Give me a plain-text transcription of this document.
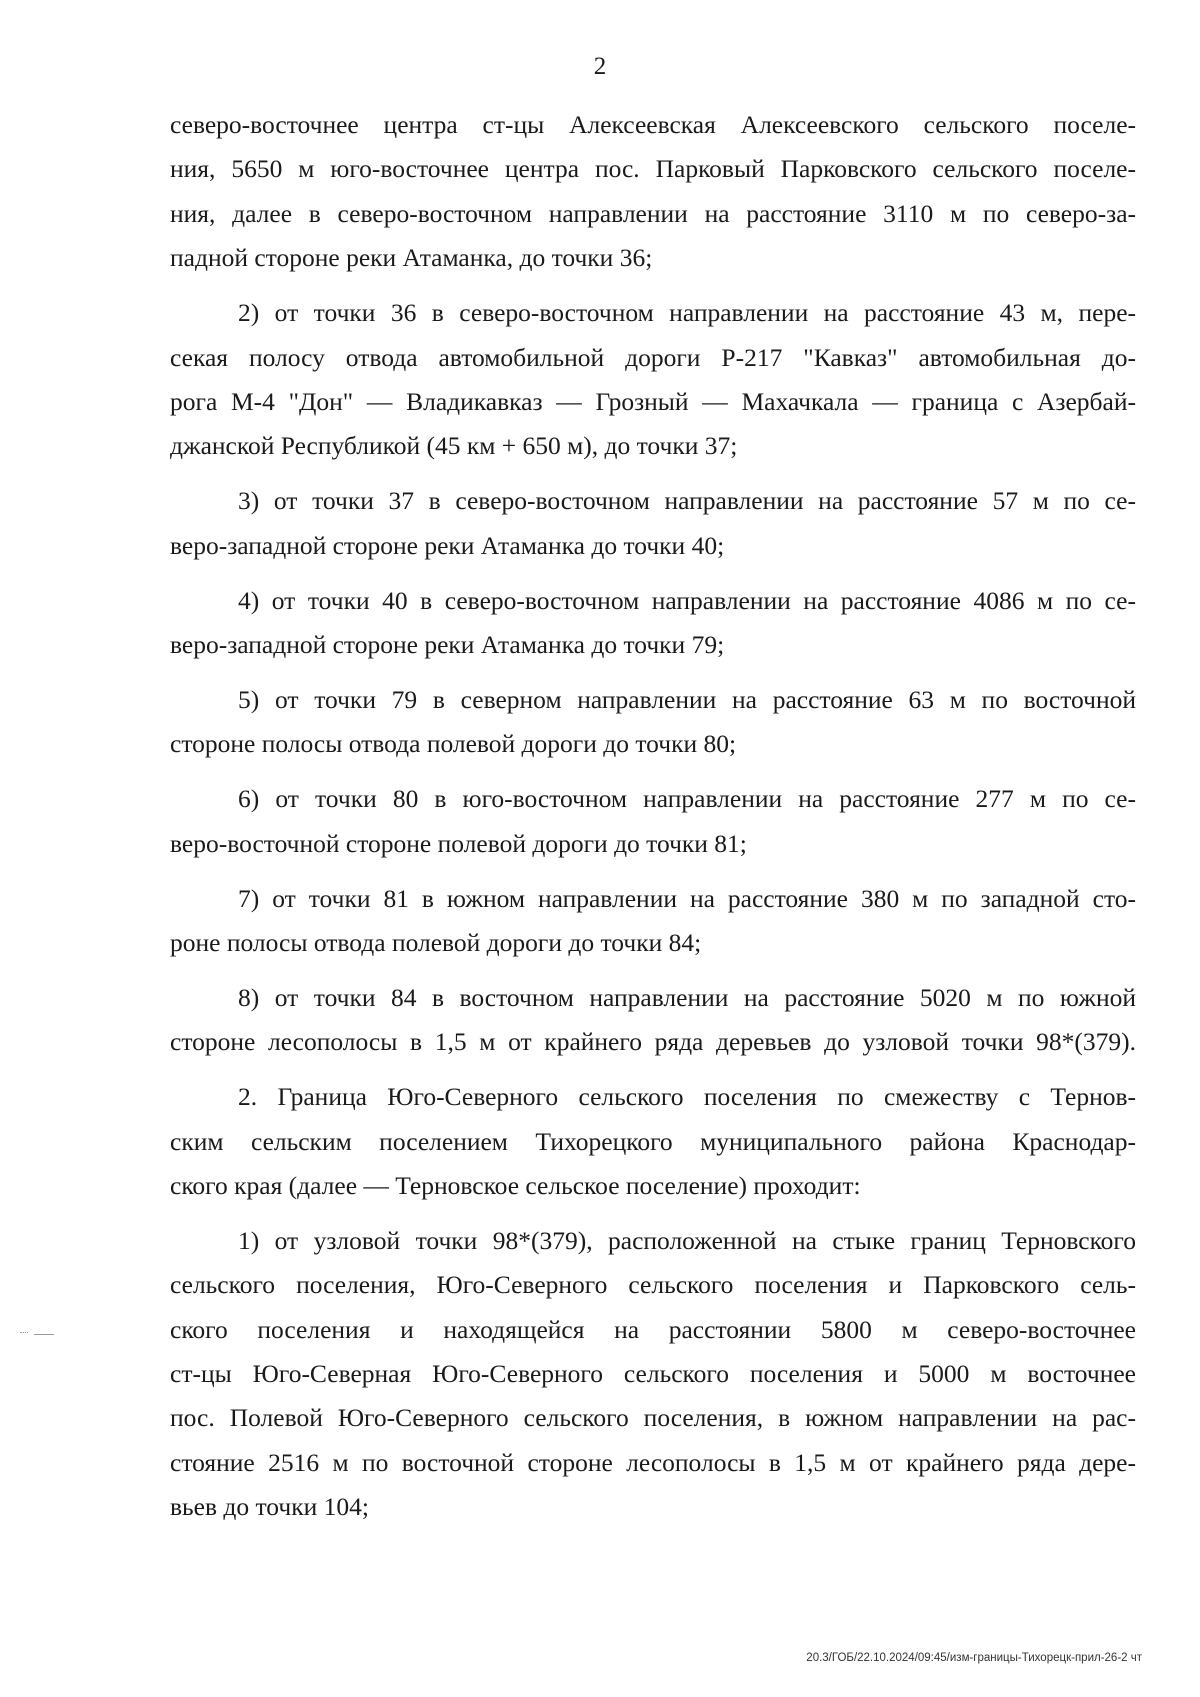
2
северо-восточнее центра ст-цы Алексеевская Алексеевского сельского поселе-
ния, 5650 м юго-восточнее центра пос. Парковый Парковского сельского поселе-
ния, далее в северо-восточном направлении на расстояние 3110 м по северо-за-
падной стороне реки Атаманка, до точки 36;
2) от точки 36 в северо-восточном направлении на расстояние 43 м, пере-
секая полосу отвода автомобильной дороги Р-217 "Кавказ" автомобильная до-
рога М-4 "Дон" — Владикавказ — Грозный — Махачкала — граница с Азербай-
джанской Республикой (45 км + 650 м), до точки 37;
3) от точки 37 в северо-восточном направлении на расстояние 57 м по се-
веро-западной стороне реки Атаманка до точки 40;
4) от точки 40 в северо-восточном направлении на расстояние 4086 м по се-
веро-западной стороне реки Атаманка до точки 79;
5) от точки 79 в северном направлении на расстояние 63 м по восточной
стороне полосы отвода полевой дороги до точки 80;
6) от точки 80 в юго-восточном направлении на расстояние 277 м по се-
веро-восточной стороне полевой дороги до точки 81;
7) от точки 81 в южном направлении на расстояние 380 м по западной сто-
роне полосы отвода полевой дороги до точки 84;
8) от точки 84 в восточном направлении на расстояние 5020 м по южной
стороне лесополосы в 1,5 м от крайнего ряда деревьев до узловой точки 98*(379).
2. Граница Юго-Северного сельского поселения по смежеству с Тернов-
ским сельским поселением Тихорецкого муниципального района Краснодар-
ского края (далее — Терновское сельское поселение) проходит:
1) от узловой точки 98*(379), расположенной на стыке границ Терновского
сельского поселения, Юго-Северного сельского поселения и Парковского сель-
ского поселения и находящейся на расстоянии 5800 м северо-восточнее
ст-цы Юго-Северная Юго-Северного сельского поселения и 5000 м восточнее
пос. Полевой Юго-Северного сельского поселения, в южном направлении на рас-
стояние 2516 м по восточной стороне лесополосы в 1,5 м от крайнего ряда дере-
вьев до точки 104;
20.3/ГОБ/22.10.2024/09:45/изм-границы-Тихорецк-прил-26-2 чт
